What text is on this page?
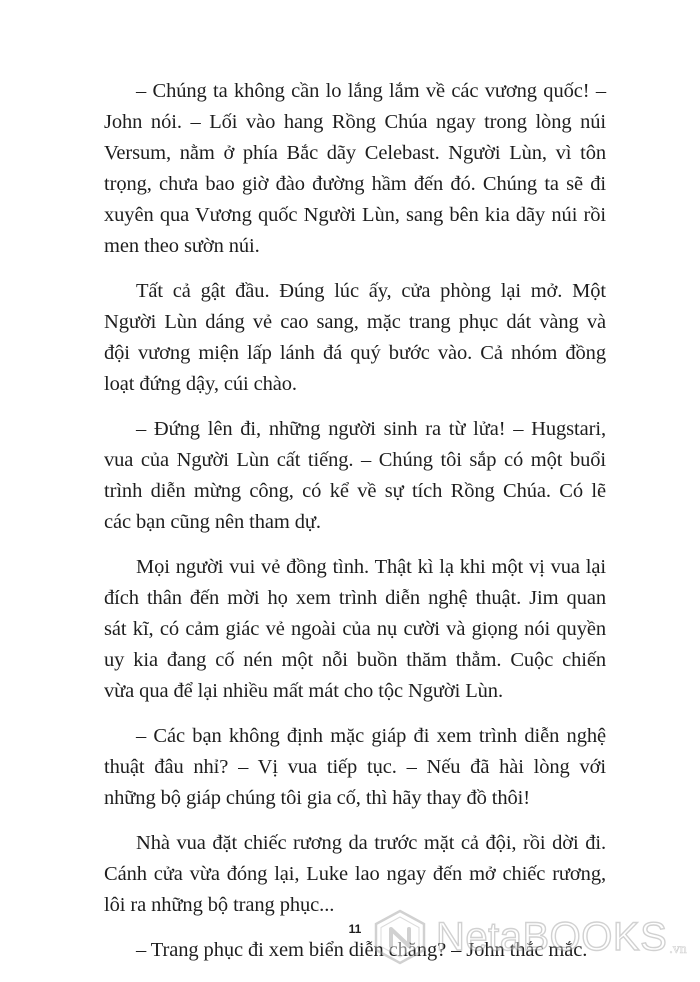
– Chúng ta không cần lo lắng lắm về các vương quốc! –
John nói. – Lối vào hang Rồng Chúa ngay trong lòng núi
Versum, nằm ở phía Bắc dãy Celebast. Người Lùn, vì tôn
trọng, chưa bao giờ đào đường hầm đến đó. Chúng ta sẽ đi
xuyên qua Vương quốc Người Lùn, sang bên kia dãy núi rồi
men theo sườn núi.

Tất cả gật đầu. Đúng lúc ấy, cửa phòng lại mở. Một
Người Lùn dáng vẻ cao sang, mặc trang phục dát vàng và
đội vương miện lấp lánh đá quý bước vào. Cả nhóm đồng
loạt đứng dậy, cúi chào.

– Đứng lên đi, những người sinh ra từ lửa! – Hugstari,
vua của Người Lùn cất tiếng. – Chúng tôi sắp có một buổi
trình diễn mừng công, có kể về sự tích Rồng Chúa. Có lẽ
các bạn cũng nên tham dự.

Mọi người vui vẻ đồng tình. Thật kì lạ khi một vị vua lại
đích thân đến mời họ xem trình diễn nghệ thuật. Jim quan
sát kĩ, có cảm giác vẻ ngoài của nụ cười và giọng nói quyền
uy kia đang cố nén một nỗi buồn thăm thẳm. Cuộc chiến
vừa qua để lại nhiều mất mát cho tộc Người Lùn.

– Các bạn không định mặc giáp đi xem trình diễn nghệ
thuật đâu nhỉ? – Vị vua tiếp tục. – Nếu đã hài lòng với
những bộ giáp chúng tôi gia cố, thì hãy thay đồ thôi!

Nhà vua đặt chiếc rương da trước mặt cả đội, rồi dời đi.
Cánh cửa vừa đóng lại, Luke lao ngay đến mở chiếc rương,
lôi ra những bộ trang phục...

– Trang phục đi xem biển diễn chăng? – John thắc mắc.

11 NetaBOOKS .vn
